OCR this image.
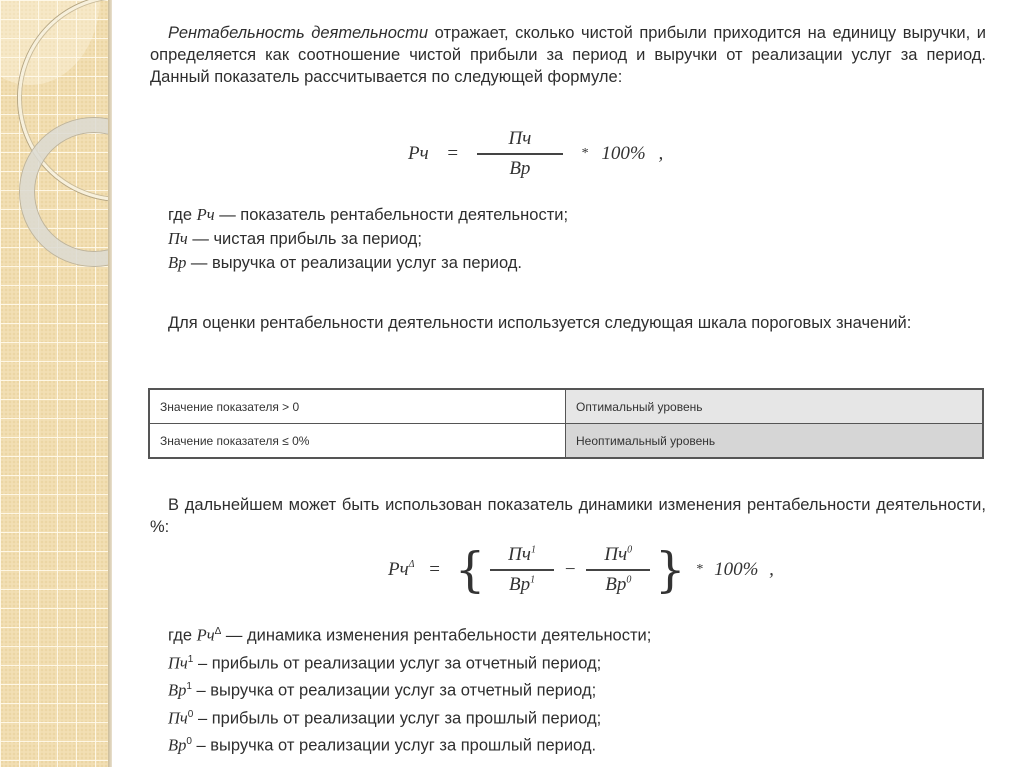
Рентабельность деятельности отражает, сколько чистой прибыли приходится на единицу выручки, и определяется как соотношение чистой прибыли за период и выручки от реализации услуг за период. Данный показатель рассчитывается по следующей формуле:

Рч = $\frac{Пч}{Вр} * 100\%$ ,
где Рч — показатель рентабельности деятельности;
Пч — чистая прибыль за период;
Вр — выручка от реализации услуг за период.

Для оценки рентабельности деятельности используется следующая шкала пороговых значений:

Значение показателя > 0	Оптимальный уровень
Значение показателя ≤ 0%	Неоптимальный уровень

В дальнейшем может быть использован показатель динамики изменения рентабельности деятельности, %:

$Рч^\Delta$ = { $\frac{Пч^1}{Вр^1} - \frac{Пч^0}{Вр^0}$ } * 100% ,
где $Рч^\Delta$ — динамика изменения рентабельности деятельности;
$Пч^1$ – прибыль от реализации услуг за отчетный период;
$Вр^1$ – выручка от реализации услуг за отчетный период;
$Пч^0$ – прибыль от реализации услуг за прошлый период;
$Вр^0$ – выручка от реализации услуг за прошлый период.
